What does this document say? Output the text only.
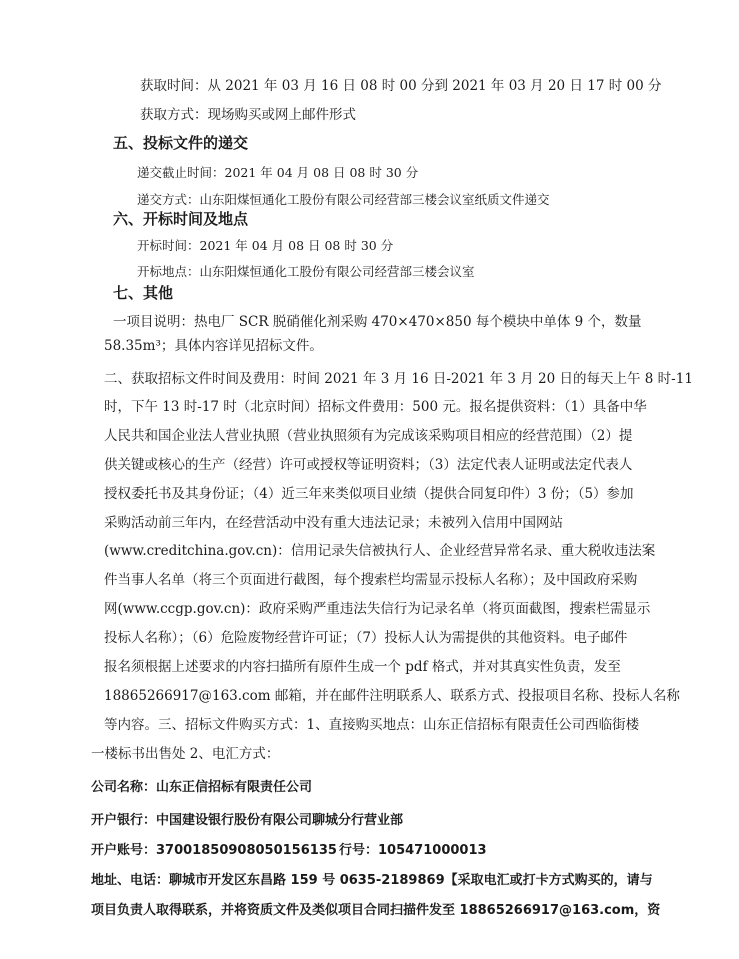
获取时间：从 2021 年 03 月 16 日 08 时 00 分到 2021 年 03 月 20 日 17 时 00 分
获取方式：现场购买或网上邮件形式
五、投标文件的递交
递交截止时间：2021 年 04 月 08 日 08 时 30 分
递交方式：山东阳煤恒通化工股份有限公司经营部三楼会议室纸质文件递交
六、开标时间及地点
开标时间：2021 年 04 月 08 日 08 时 30 分
开标地点：山东阳煤恒通化工股份有限公司经营部三楼会议室
七、其他
一项目说明：热电厂 SCR 脱硝催化剂采购 470×470×850 每个模块中单体 9 个，数量
58.35m³；具体内容详见招标文件。
二、获取招标文件时间及费用：时间 2021 年 3 月 16 日-2021 年 3 月 20 日的每天上午 8 时-11
时，下午 13 时-17 时（北京时间）招标文件费用：500 元。报名提供资料：（1）具备中华
人民共和国企业法人营业执照（营业执照须有为完成该采购项目相应的经营范围）（2）提
供关键或核心的生产（经营）许可或授权等证明资料；（3）法定代表人证明或法定代表人
授权委托书及其身份证；（4）近三年来类似项目业绩（提供合同复印件）3 份；（5）参加
采购活动前三年内，在经营活动中没有重大违法记录；未被列入信用中国网站
(www.creditchina.gov.cn)：信用记录失信被执行人、企业经营异常名录、重大税收违法案
件当事人名单（将三个页面进行截图，每个搜索栏均需显示投标人名称）；及中国政府采购
网(www.ccgp.gov.cn)：政府采购严重违法失信行为记录名单（将页面截图，搜索栏需显示
投标人名称）；（6）危险废物经营许可证；（7）投标人认为需提供的其他资料。电子邮件
报名须根据上述要求的内容扫描所有原件生成一个 pdf 格式，并对其真实性负责，发至
18865266917@163.com 邮箱，并在邮件注明联系人、联系方式、投报项目名称、投标人名称
等内容。三、招标文件购买方式：1、直接购买地点：山东正信招标有限责任公司西临街楼
一楼标书出售处 2、电汇方式：
公司名称：山东正信招标有限责任公司
开户银行：中国建设银行股份有限公司聊城分行营业部
开户账号：37001850908050156135 行号：105471000013
地址、电话：聊城市开发区东昌路 159 号 0635-2189869【采取电汇或打卡方式购买的，请与
项目负责人取得联系，并将资质文件及类似项目合同扫描件发至 18865266917@163.com，资
